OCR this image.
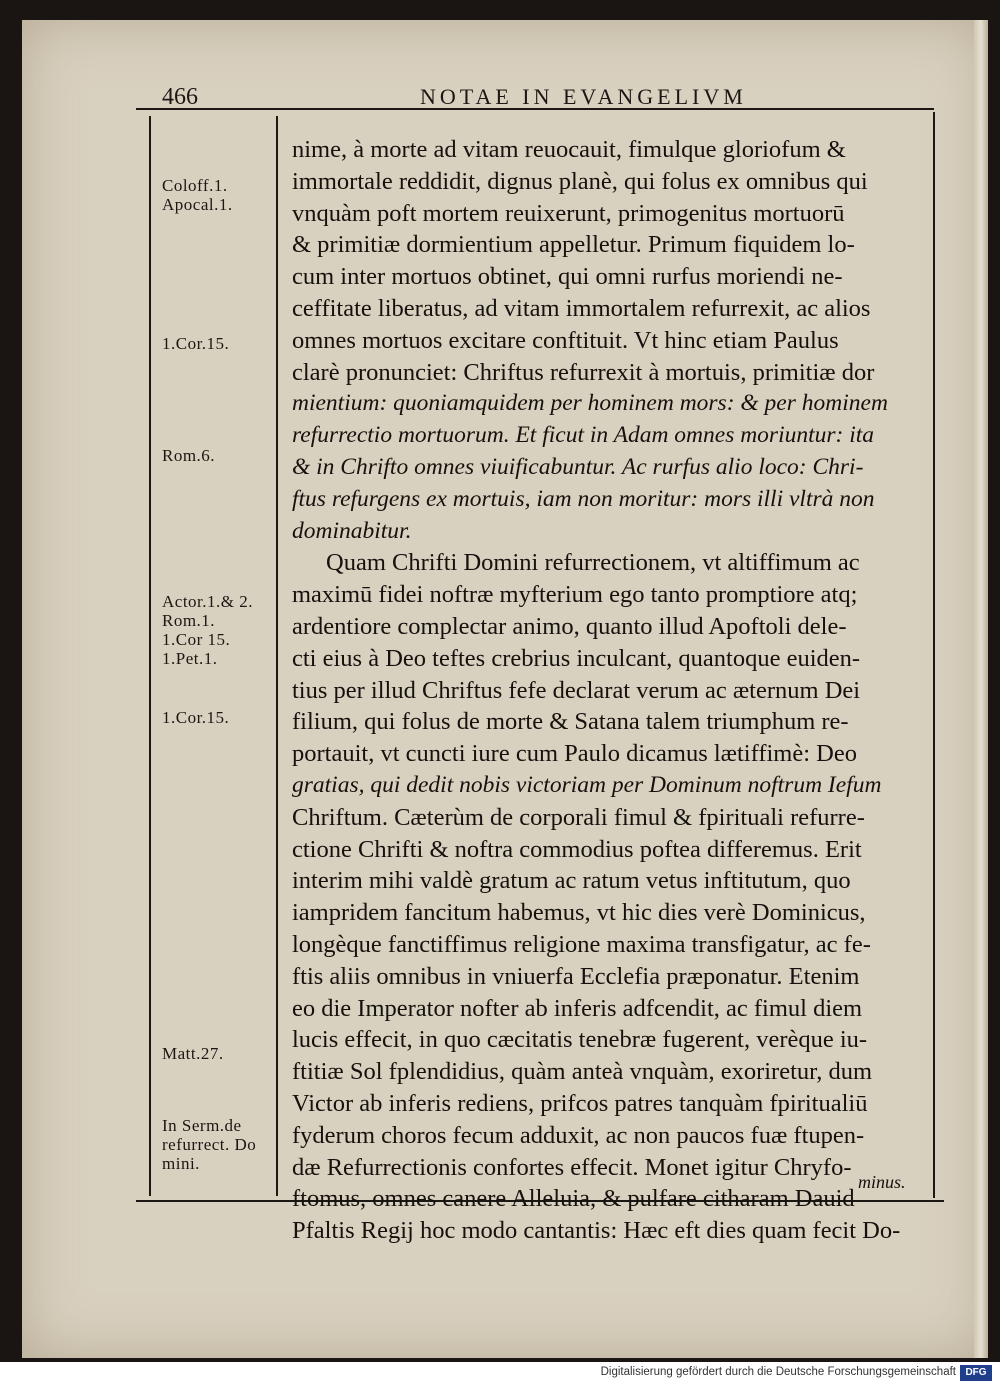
466	NOTAE IN EVANGELIVM
Coloff.1.
Apocal.1.
1.Cor.15.
Rom.6.
Actor.1.& 2.
Rom.1.
1.Cor 15.
1.Pet.1.
1.Cor.15.
Matt.27.
In Serm.de
refurrect. Do
mini.
nime, à morte ad vitam reuocauit, fimulque gloriofum &
immortale reddidit, dignus planè, qui folus ex omnibus qui
vnquàm poft mortem reuixerunt, primogenitus mortuorū
& primitiæ dormientium appelletur. Primum fiquidem lo-
cum inter mortuos obtinet, qui omni rurfus moriendi ne-
ceffitate liberatus, ad vitam immortalem refurrexit, ac alios
omnes mortuos excitare conftituit. Vt hinc etiam Paulus
clarè pronunciet: Chriftus refurrexit à mortuis, primitiæ dor
mientium: quoniamquidem per hominem mors: & per hominem
refurrectio mortuorum. Et ficut in Adam omnes moriuntur: ita
& in Chrifto omnes viuificabuntur. Ac rurfus alio loco: Chri-
ftus refurgens ex mortuis, iam non moritur: mors illi vltrà non
dominabitur.
Quam Chrifti Domini refurrectionem, vt altiffimum ac
maximū fidei noftræ myfterium ego tanto promptiore atq;
ardentiore complectar animo, quanto illud Apoftoli dele-
cti eius à Deo teftes crebrius inculcant, quantoque euiden-
tius per illud Chriftus fefe declarat verum ac æternum Dei
filium, qui folus de morte & Satana talem triumphum re-
portauit, vt cuncti iure cum Paulo dicamus lætiffimè: Deo
gratias, qui dedit nobis victoriam per Dominum noftrum Iefum
Chriftum. Cæterùm de corporali fimul & fpirituali refurre-
ctione Chrifti & noftra commodius poftea differemus. Erit
interim mihi valdè gratum ac ratum vetus inftitutum, quo
iampridem fancitum habemus, vt hic dies verè Dominicus,
longèque fanctiffimus religione maxima transfigatur, ac fe-
ftis aliis omnibus in vniuerfa Ecclefia præponatur. Etenim
eo die Imperator nofter ab inferis adfcendit, ac fimul diem
lucis effecit, in quo cæcitatis tenebræ fugerent, verèque iu-
ftitiæ Sol fplendidius, quàm anteà vnquàm, exoriretur, dum
Victor ab inferis rediens, prifcos patres tanquàm fpiritualiū
fyderum choros fecum adduxit, ac non paucos fuæ ftupen-
dæ Refurrectionis confortes effecit. Monet igitur Chryfo-
ftomus, omnes canere Alleluia, & pulfare citharam Dauid
Pfaltis Regij hoc modo cantantis: Hæc eft dies quam fecit Do-
minus.
Digitalisierung gefördert durch die Deutsche Forschungsgemeinschaft DFG
